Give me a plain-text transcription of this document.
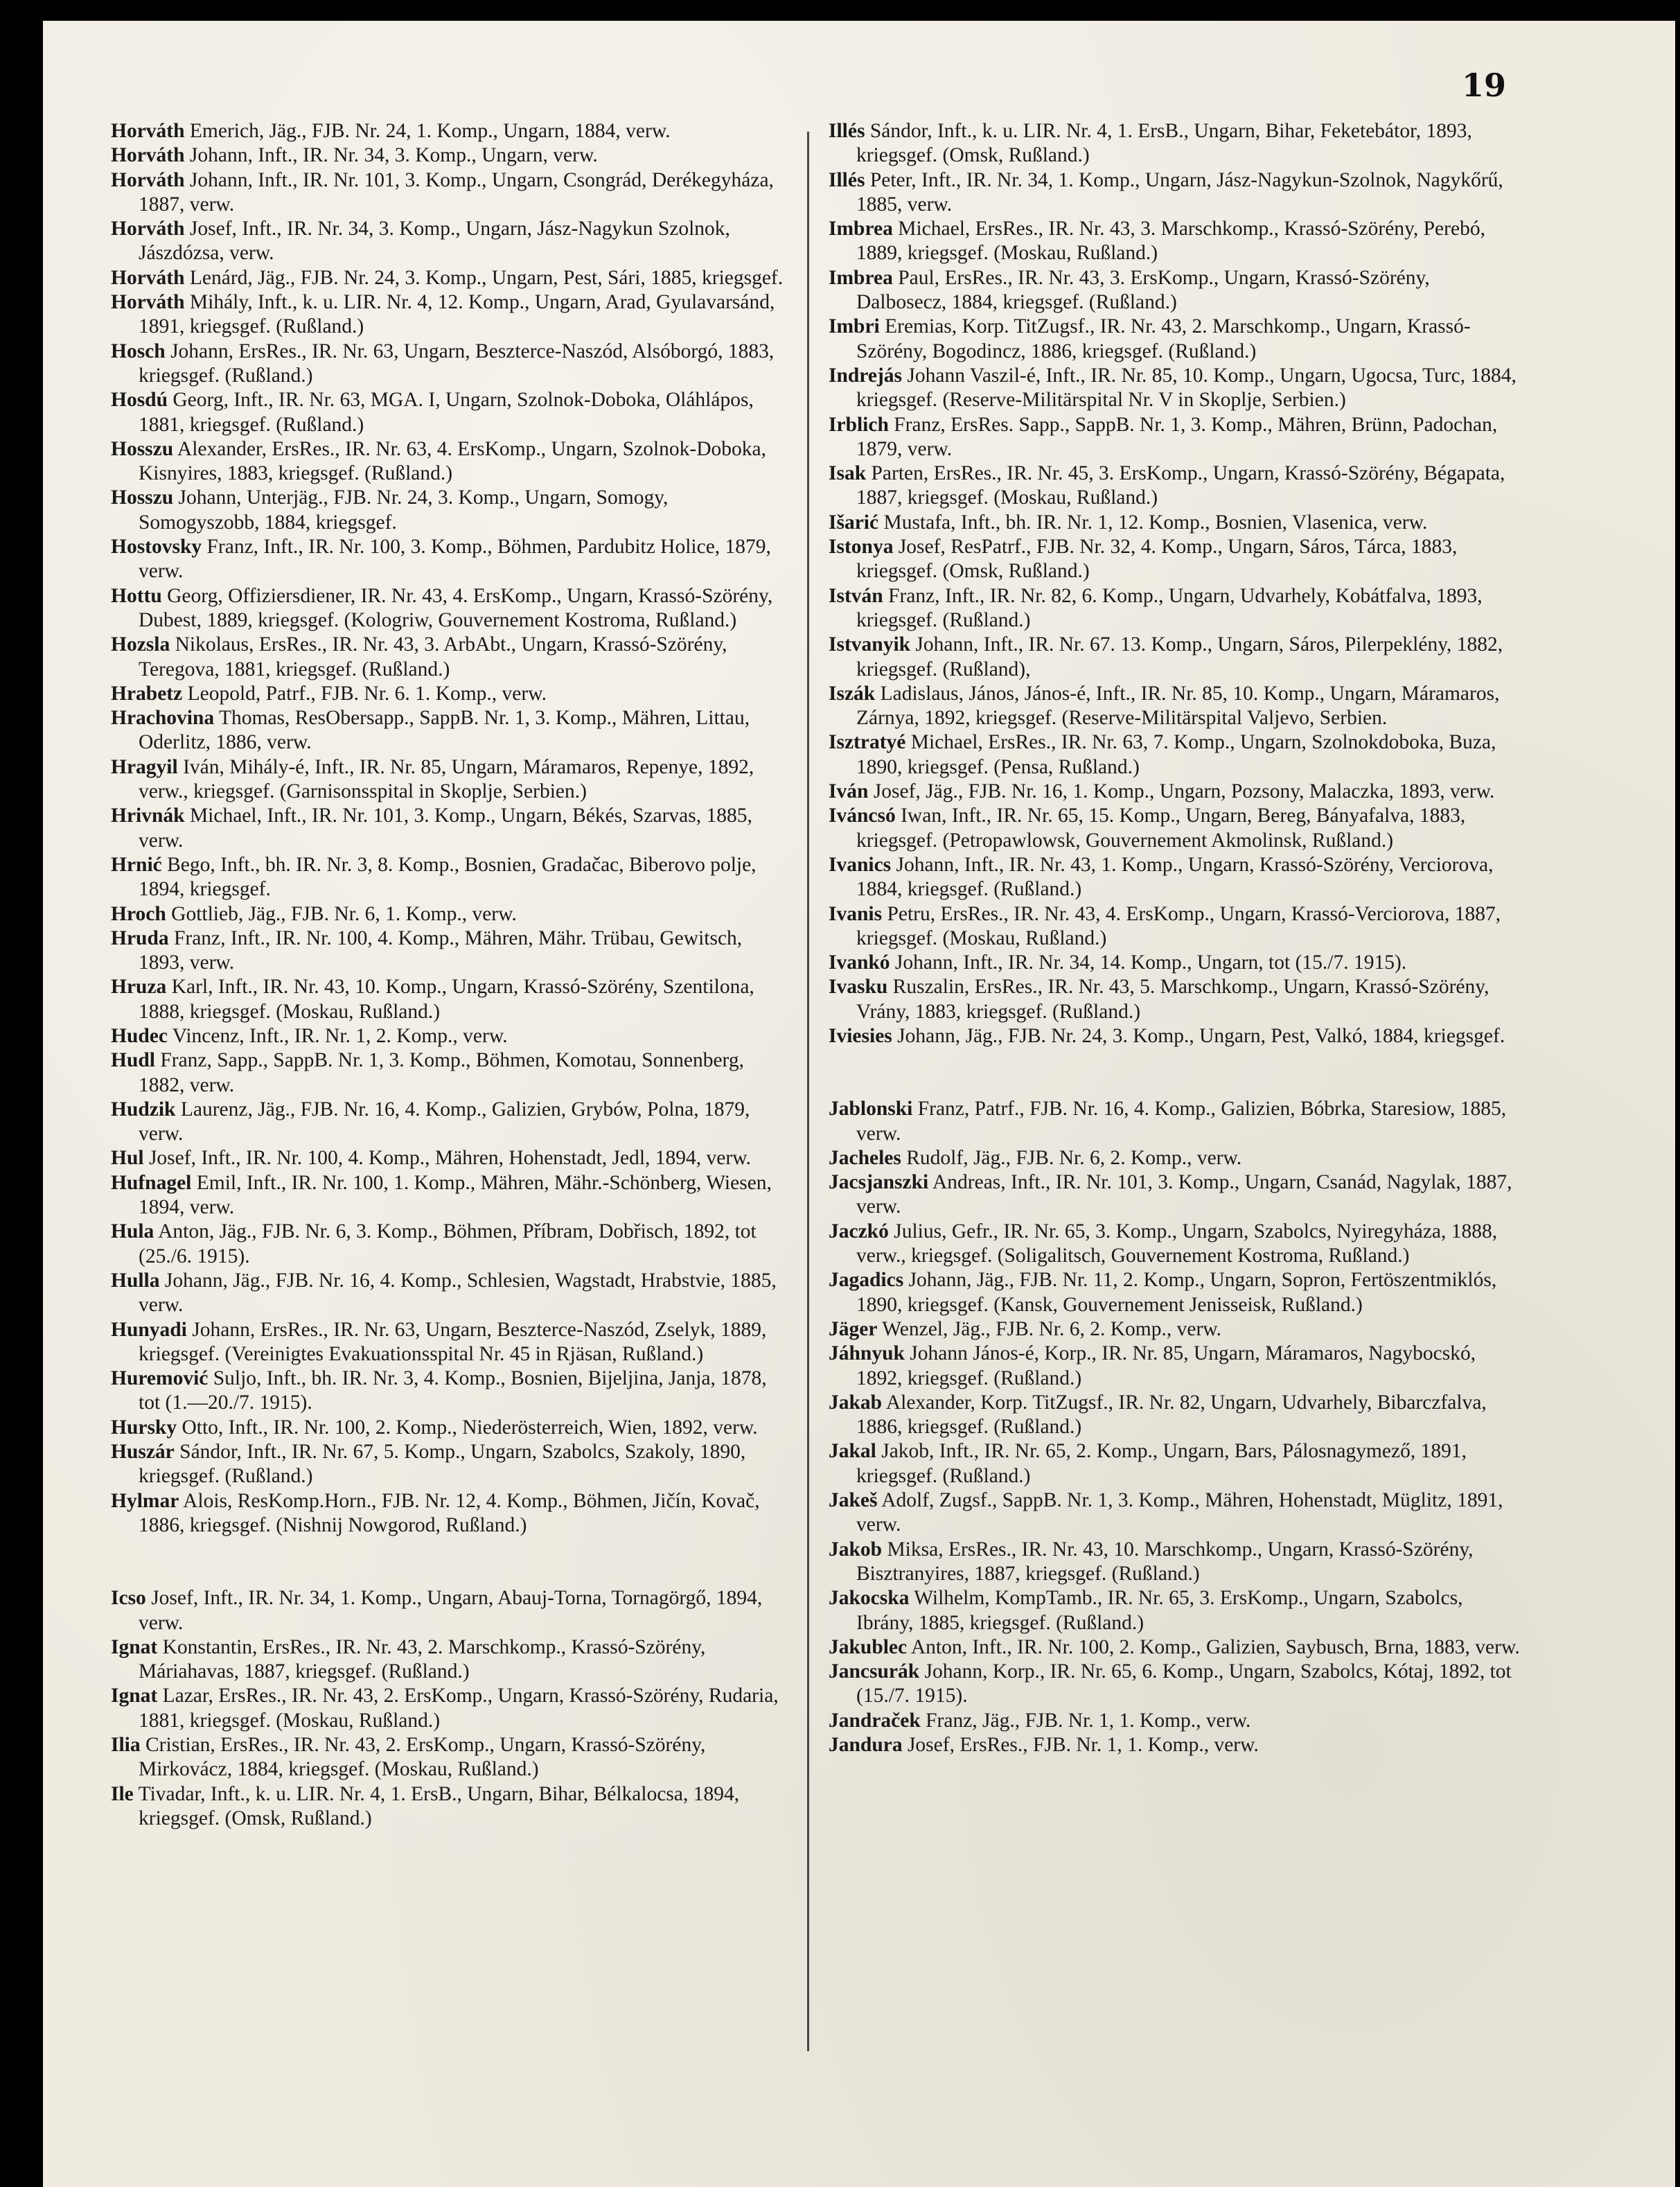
19

Horváth Emerich, Jäg., FJB. Nr. 24, 1. Komp., Ungarn, 1884, verw.

Horváth Johann, Inft., IR. Nr. 34, 3. Komp., Ungarn, verw.

Horváth Johann, Inft., IR. Nr. 101, 3. Komp., Ungarn, Csongrád, Derékegyháza, 1887, verw.

Horváth Josef, Inft., IR. Nr. 34, 3. Komp., Ungarn, Jász-Nagykun Szolnok, Jászdózsa, verw.

Horváth Lenárd, Jäg., FJB. Nr. 24, 3. Komp., Ungarn, Pest, Sári, 1885, kriegsgef.

Horváth Mihály, Inft., k. u. LIR. Nr. 4, 12. Komp., Ungarn, Arad, Gyulavarsánd, 1891, kriegsgef. (Rußland.)

Hosch Johann, ErsRes., IR. Nr. 63, Ungarn, Beszterce-Naszód, Alsóborgó, 1883, kriegsgef. (Rußland.)

Hosdú Georg, Inft., IR. Nr. 63, MGA. I, Ungarn, Szolnok-Doboka, Oláhlápos, 1881, kriegsgef. (Rußland.)

Hosszu Alexander, ErsRes., IR. Nr. 63, 4. ErsKomp., Ungarn, Szolnok-Doboka, Kisnyires, 1883, kriegsgef. (Rußland.)

Hosszu Johann, Unterjäg., FJB. Nr. 24, 3. Komp., Ungarn, Somogy, Somogyszobb, 1884, kriegsgef.

Hostovsky Franz, Inft., IR. Nr. 100, 3. Komp., Böhmen, Pardubitz Holice, 1879, verw.

Hottu Georg, Offiziersdiener, IR. Nr. 43, 4. ErsKomp., Ungarn, Krassó-Szörény, Dubest, 1889, kriegsgef. (Kologriw, Gouvernement Kostroma, Rußland.)

Hozsla Nikolaus, ErsRes., IR. Nr. 43, 3. ArbAbt., Ungarn, Krassó-Szörény, Teregova, 1881, kriegsgef. (Rußland.)

Hrabetz Leopold, Patrf., FJB. Nr. 6. 1. Komp., verw.

Hrachovina Thomas, ResObersapp., SappB. Nr. 1, 3. Komp., Mähren, Littau, Oderlitz, 1886, verw.

Hragyil Iván, Mihály-é, Inft., IR. Nr. 85, Ungarn, Máramaros, Repenye, 1892, verw., kriegsgef. (Garnisonsspital in Skoplje, Serbien.)

Hrivnák Michael, Inft., IR. Nr. 101, 3. Komp., Ungarn, Békés, Szarvas, 1885, verw.

Hrnić Bego, Inft., bh. IR. Nr. 3, 8. Komp., Bosnien, Gradačac, Biberovo polje, 1894, kriegsgef.

Hroch Gottlieb, Jäg., FJB. Nr. 6, 1. Komp., verw.

Hruda Franz, Inft., IR. Nr. 100, 4. Komp., Mähren, Mähr. Trübau, Gewitsch, 1893, verw.

Hruza Karl, Inft., IR. Nr. 43, 10. Komp., Ungarn, Krassó-Szörény, Szentilona, 1888, kriegsgef. (Moskau, Rußland.)

Hudec Vincenz, Inft., IR. Nr. 1, 2. Komp., verw.

Hudl Franz, Sapp., SappB. Nr. 1, 3. Komp., Böhmen, Komotau, Sonnenberg, 1882, verw.

Hudzik Laurenz, Jäg., FJB. Nr. 16, 4. Komp., Galizien, Grybów, Polna, 1879, verw.

Hul Josef, Inft., IR. Nr. 100, 4. Komp., Mähren, Hohenstadt, Jedl, 1894, verw.

Hufnagel Emil, Inft., IR. Nr. 100, 1. Komp., Mähren, Mähr.-Schönberg, Wiesen, 1894, verw.

Hula Anton, Jäg., FJB. Nr. 6, 3. Komp., Böhmen, Příbram, Dobřisch, 1892, tot (25./6. 1915).

Hulla Johann, Jäg., FJB. Nr. 16, 4. Komp., Schlesien, Wagstadt, Hrabstvie, 1885, verw.

Hunyadi Johann, ErsRes., IR. Nr. 63, Ungarn, Beszterce-Naszód, Zselyk, 1889, kriegsgef. (Vereinigtes Evakuationsspital Nr. 45 in Rjäsan, Rußland.)

Huremović Suljo, Inft., bh. IR. Nr. 3, 4. Komp., Bosnien, Bijeljina, Janja, 1878, tot (1.—20./7. 1915).

Hursky Otto, Inft., IR. Nr. 100, 2. Komp., Niederösterreich, Wien, 1892, verw.

Huszár Sándor, Inft., IR. Nr. 67, 5. Komp., Ungarn, Szabolcs, Szakoly, 1890, kriegsgef. (Rußland.)

Hylmar Alois, ResKomp.Horn., FJB. Nr. 12, 4. Komp., Böhmen, Jičín, Kovač, 1886, kriegsgef. (Nishnij Nowgorod, Rußland.)

Icso Josef, Inft., IR. Nr. 34, 1. Komp., Ungarn, Abauj-Torna, Tornagörgő, 1894, verw.

Ignat Konstantin, ErsRes., IR. Nr. 43, 2. Marschkomp., Krassó-Szörény, Máriahavas, 1887, kriegsgef. (Rußland.)

Ignat Lazar, ErsRes., IR. Nr. 43, 2. ErsKomp., Ungarn, Krassó-Szörény, Rudaria, 1881, kriegsgef. (Moskau, Rußland.)

Ilia Cristian, ErsRes., IR. Nr. 43, 2. ErsKomp., Ungarn, Krassó-Szörény, Mirkovácz, 1884, kriegsgef. (Moskau, Rußland.)

Ile Tivadar, Inft., k. u. LIR. Nr. 4, 1. ErsB., Ungarn, Bihar, Bélkalocsa, 1894, kriegsgef. (Omsk, Rußland.)

Illés Sándor, Inft., k. u. LIR. Nr. 4, 1. ErsB., Ungarn, Bihar, Feketebátor, 1893, kriegsgef. (Omsk, Rußland.)

Illés Peter, Inft., IR. Nr. 34, 1. Komp., Ungarn, Jász-Nagykun-Szolnok, Nagykőrű, 1885, verw.

Imbrea Michael, ErsRes., IR. Nr. 43, 3. Marschkomp., Krassó-Szörény, Perebó, 1889, kriegsgef. (Moskau, Rußland.)

Imbrea Paul, ErsRes., IR. Nr. 43, 3. ErsKomp., Ungarn, Krassó-Szörény, Dalbosecz, 1884, kriegsgef. (Rußland.)

Imbri Eremias, Korp. TitZugsf., IR. Nr. 43, 2. Marschkomp., Ungarn, Krassó-Szörény, Bogodincz, 1886, kriegsgef. (Rußland.)

Indrejás Johann Vaszil-é, Inft., IR. Nr. 85, 10. Komp., Ungarn, Ugocsa, Turc, 1884, kriegsgef. (Reserve-Militärspital Nr. V in Skoplje, Serbien.)

Irblich Franz, ErsRes. Sapp., SappB. Nr. 1, 3. Komp., Mähren, Brünn, Padochan, 1879, verw.

Isak Parten, ErsRes., IR. Nr. 45, 3. ErsKomp., Ungarn, Krassó-Szörény, Bégapata, 1887, kriegsgef. (Moskau, Rußland.)

Išarić Mustafa, Inft., bh. IR. Nr. 1, 12. Komp., Bosnien, Vlasenica, verw.

Istonya Josef, ResPatrf., FJB. Nr. 32, 4. Komp., Ungarn, Sáros, Tárca, 1883, kriegsgef. (Omsk, Rußland.)

István Franz, Inft., IR. Nr. 82, 6. Komp., Ungarn, Udvarhely, Kobátfalva, 1893, kriegsgef. (Rußland.)

Istvanyik Johann, Inft., IR. Nr. 67. 13. Komp., Ungarn, Sáros, Pilerpeklény, 1882, kriegsgef. (Rußland),

Iszák Ladislaus, János, János-é, Inft., IR. Nr. 85, 10. Komp., Ungarn, Máramaros, Zárnya, 1892, kriegsgef. (Reserve-Militärspital Valjevo, Serbien.

Isztratyé Michael, ErsRes., IR. Nr. 63, 7. Komp., Ungarn, Szolnokdoboka, Buza, 1890, kriegsgef. (Pensa, Rußland.)

Iván Josef, Jäg., FJB. Nr. 16, 1. Komp., Ungarn, Pozsony, Malaczka, 1893, verw.

Iváncsó Iwan, Inft., IR. Nr. 65, 15. Komp., Ungarn, Bereg, Bányafalva, 1883, kriegsgef. (Petropawlowsk, Gouvernement Akmolinsk, Rußland.)

Ivanics Johann, Inft., IR. Nr. 43, 1. Komp., Ungarn, Krassó-Szörény, Verciorova, 1884, kriegsgef. (Rußland.)

Ivanis Petru, ErsRes., IR. Nr. 43, 4. ErsKomp., Ungarn, Krassó-Verciorova, 1887, kriegsgef. (Moskau, Rußland.)

Ivankó Johann, Inft., IR. Nr. 34, 14. Komp., Ungarn, tot (15./7. 1915).

Ivasku Ruszalin, ErsRes., IR. Nr. 43, 5. Marschkomp., Ungarn, Krassó-Szörény, Vrány, 1883, kriegsgef. (Rußland.)

Iviesies Johann, Jäg., FJB. Nr. 24, 3. Komp., Ungarn, Pest, Valkó, 1884, kriegsgef.

Jablonski Franz, Patrf., FJB. Nr. 16, 4. Komp., Galizien, Bóbrka, Staresiow, 1885, verw.

Jacheles Rudolf, Jäg., FJB. Nr. 6, 2. Komp., verw.

Jacsjanszki Andreas, Inft., IR. Nr. 101, 3. Komp., Ungarn, Csanád, Nagylak, 1887, verw.

Jaczkó Julius, Gefr., IR. Nr. 65, 3. Komp., Ungarn, Szabolcs, Nyiregyháza, 1888, verw., kriegsgef. (Soligalitsch, Gouvernement Kostroma, Rußland.)

Jagadics Johann, Jäg., FJB. Nr. 11, 2. Komp., Ungarn, Sopron, Fertöszentmiklós, 1890, kriegsgef. (Kansk, Gouvernement Jenisseisk, Rußland.)

Jäger Wenzel, Jäg., FJB. Nr. 6, 2. Komp., verw.

Jáhnyuk Johann János-é, Korp., IR. Nr. 85, Ungarn, Máramaros, Nagybocskó, 1892, kriegsgef. (Rußland.)

Jakab Alexander, Korp. TitZugsf., IR. Nr. 82, Ungarn, Udvarhely, Bibarczfalva, 1886, kriegsgef. (Rußland.)

Jakal Jakob, Inft., IR. Nr. 65, 2. Komp., Ungarn, Bars, Pálosnagymező, 1891, kriegsgef. (Rußland.)

Jakeš Adolf, Zugsf., SappB. Nr. 1, 3. Komp., Mähren, Hohenstadt, Müglitz, 1891, verw.

Jakob Miksa, ErsRes., IR. Nr. 43, 10. Marschkomp., Ungarn, Krassó-Szörény, Bisztranyires, 1887, kriegsgef. (Rußland.)

Jakocska Wilhelm, KompTamb., IR. Nr. 65, 3. ErsKomp., Ungarn, Szabolcs, Ibrány, 1885, kriegsgef. (Rußland.)

Jakublec Anton, Inft., IR. Nr. 100, 2. Komp., Galizien, Saybusch, Brna, 1883, verw.

Jancsurák Johann, Korp., IR. Nr. 65, 6. Komp., Ungarn, Szabolcs, Kótaj, 1892, tot (15./7. 1915).

Jandraček Franz, Jäg., FJB. Nr. 1, 1. Komp., verw.

Jandura Josef, ErsRes., FJB. Nr. 1, 1. Komp., verw.
